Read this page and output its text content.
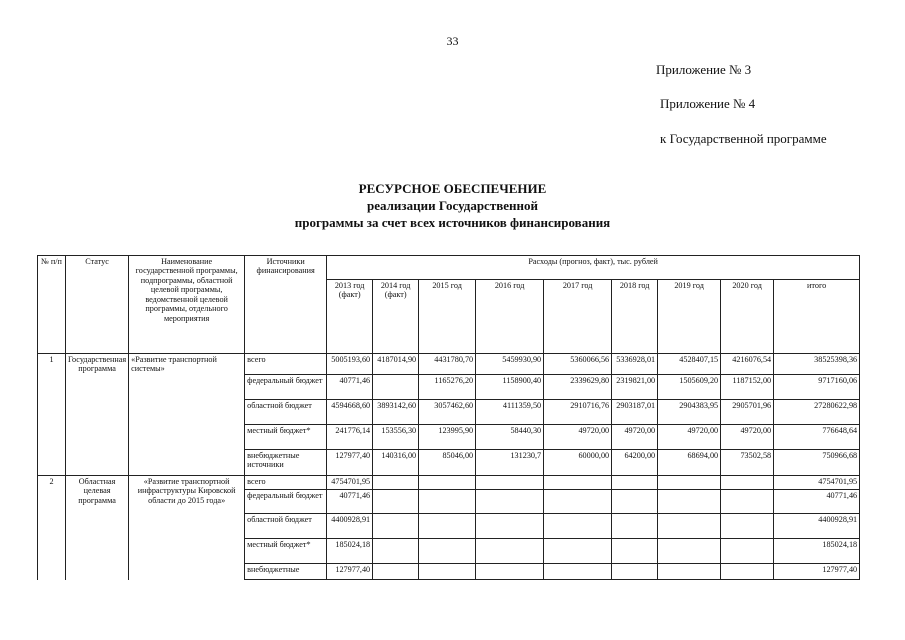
33
Приложение № 3
Приложение № 4
к Государственной программе
РЕСУРСНОЕ ОБЕСПЕЧЕНИЕ
реализации Государственной
программы за счет всех источников финансирования
№ п/п	Статус	Наименование государственной программы, подпрограммы, областной целевой программы, ведомственной целевой программы, отдельного мероприятия	Источники финансирования	Расходы (прогноз, факт), тыс. рублей								
				2013 год (факт)	2014 год (факт)	2015 год	2016 год	2017 год	2018 год	2019 год	2020 год	итого
1	Государственная программа	«Развитие транспортной системы»	всего	5005193,60	4187014,90	4431780,70	5459930,90	5360066,56	5336928,01	4528407,15	4216076,54	38525398,36
			федеральный бюджет	40771,46		1165276,20	1158900,40	2339629,80	2319821,00	1505609,20	1187152,00	9717160,06
			областной бюджет	4594668,60	3893142,60	3057462,60	4111359,50	2910716,76	2903187,01	2904383,95	2905701,96	27280622,98
			местный бюджет*	241776,14	153556,30	123995,90	58440,30	49720,00	49720,00	49720,00	49720,00	776648,64
			внебюджетные источники	127977,40	140316,00	85046,00	131230,7	60000,00	64200,00	68694,00	73502,58	750966,68
2	Областная целевая программа	«Развитие транспортной инфраструктуры Кировской области до 2015 года»	всего	4754701,95								4754701,95
			федеральный бюджет	40771,46								40771,46
			областной бюджет	4400928,91								4400928,91
			местный бюджет*	185024,18								185024,18
			внебюджетные	127977,40								127977,40
